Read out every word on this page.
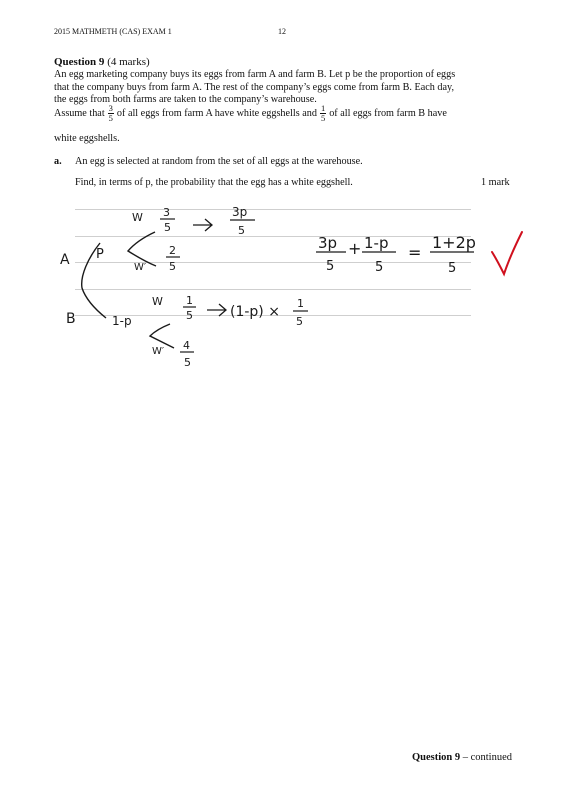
2015 MATHMETH (CAS) EXAM 1	12
Question 9 (4 marks)
An egg marketing company buys its eggs from farm A and farm B. Let p be the proportion of eggs
that the company buys from farm A. The rest of the company’s eggs come from farm B. Each day,
the eggs from both farms are taken to the company’s warehouse.
Assume that $\frac{3}{5}$ of all eggs from farm A have white eggshells and $\frac{1}{5}$ of all eggs from farm B have
white eggshells.
a. An egg is selected at random from the set of all eggs at the warehouse.
Find, in terms of p, the probability that the egg has a white eggshell.	1 mark
A
B
P
1-p
W 3
5
3p
5
W′
2
5
W 1
5	(1-p) ×
1
5
W′ 4
5
3p
5
+ 1-p
5
=
1+2p
5
Question 9 – continued
